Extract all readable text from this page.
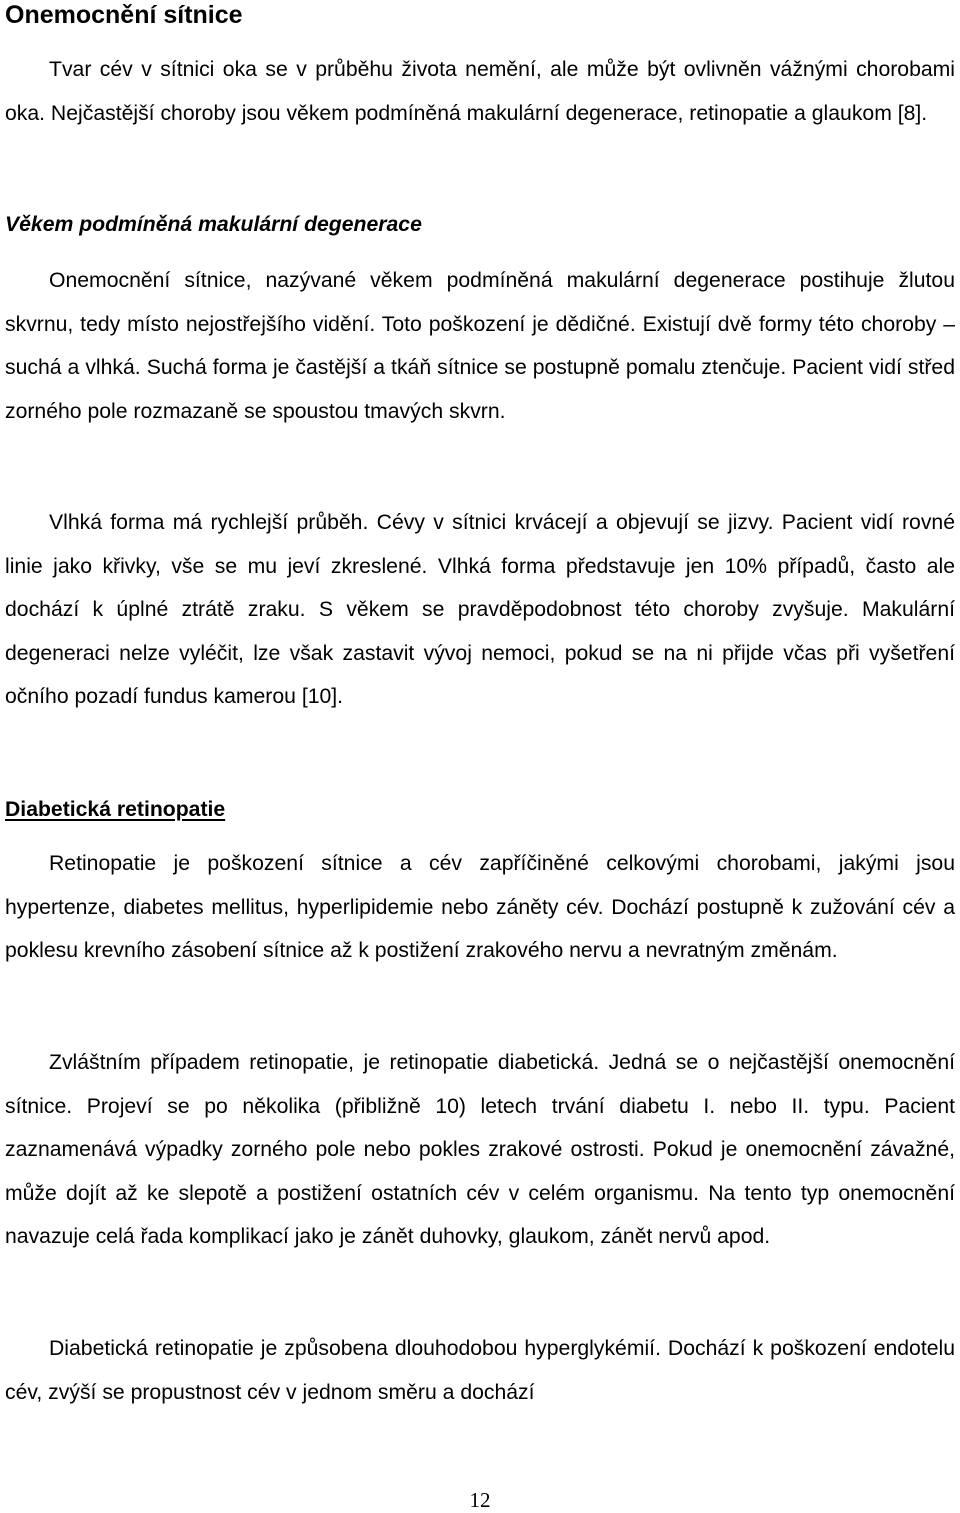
Onemocnění sítnice

Tvar cév v sítnici oka se v průběhu života nemění, ale může být ovlivněn vážnými chorobami oka. Nejčastější choroby jsou věkem podmíněná makulární degenerace, retinopatie a glaukom [8].

Věkem podmíněná makulární degenerace

Onemocnění sítnice, nazývané věkem podmíněná makulární degenerace postihuje žlutou skvrnu, tedy místo nejostřejšího vidění. Toto poškození je dědičné. Existují dvě formy této choroby – suchá a vlhká. Suchá forma je častější a tkáň sítnice se postupně pomalu ztenčuje. Pacient vidí střed zorného pole rozmazaně se spoustou tmavých skvrn.

Vlhká forma má rychlejší průběh. Cévy v sítnici krvácejí a objevují se jizvy. Pacient vidí rovné linie jako křivky, vše se mu jeví zkreslené. Vlhká forma představuje jen 10% případů, často ale dochází k úplné ztrátě zraku. S věkem se pravděpodobnost této choroby zvyšuje. Makulární degeneraci nelze vyléčit, lze však zastavit vývoj nemoci, pokud se na ni přijde včas při vyšetření očního pozadí fundus kamerou [10].

Diabetická retinopatie

Retinopatie je poškození sítnice a cév zapříčiněné celkovými chorobami, jakými jsou hypertenze, diabetes mellitus, hyperlipidemie nebo záněty cév. Dochází postupně k zužování cév a poklesu krevního zásobení sítnice až k postižení zrakového nervu a nevratným změnám.

Zvláštním případem retinopatie, je retinopatie diabetická. Jedná se o nejčastější onemocnění sítnice. Projeví se po několika (přibližně 10) letech trvání diabetu I. nebo II. typu. Pacient zaznamenává výpadky zorného pole nebo pokles zrakové ostrosti. Pokud je onemocnění závažné, může dojít až ke slepotě a postižení ostatních cév v celém organismu. Na tento typ onemocnění navazuje celá řada komplikací jako je zánět duhovky, glaukom, zánět nervů apod.

Diabetická retinopatie je způsobena dlouhodobou hyperglykémií. Dochází k poškození endotelu cév, zvýší se propustnost cév v jednom směru a dochází

12
